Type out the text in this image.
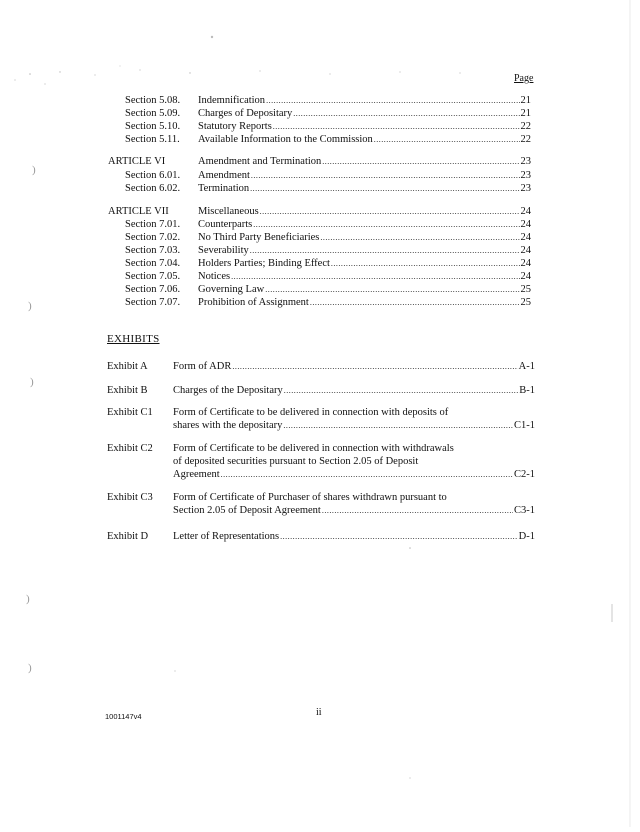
)
)
)
)
)
Page
Section 5.08. Indemnification .....	21
Section 5.09. Charges of Depositary .....	21
Section 5.10. Statutory Reports .....	22
Section 5.11. Available Information to the Commission .....	22
ARTICLE VI	Amendment and Termination .....	23
Section 6.01. Amendment .....	23
Section 6.02. Termination .....	23
ARTICLE VII	Miscellaneous .....	24
Section 7.01. Counterparts .....	24
Section 7.02. No Third Party Beneficiaries .....	24
Section 7.03. Severability .....	24
Section 7.04. Holders Parties; Binding Effect .....	24
Section 7.05. Notices .....	24
Section 7.06. Governing Law .....	25
Section 7.07. Prohibition of Assignment .....	25
EXHIBITS
Exhibit A Form of ADR .....	A-1
Exhibit B Charges of the Depositary .....	B-1
Exhibit C1 Form of Certificate to be delivered in connection with deposits of
shares with the depositary .....	C1-1
Exhibit C2 Form of Certificate to be delivered in connection with withdrawals
of deposited securities pursuant to Section 2.05 of Deposit
Agreement .....	C2-1
Exhibit C3 Form of Certificate of Purchaser of shares withdrawn pursuant to
Section 2.05 of Deposit Agreement .....	C3-1
Exhibit D Letter of Representations .....	D-1
ii
1001147v4
